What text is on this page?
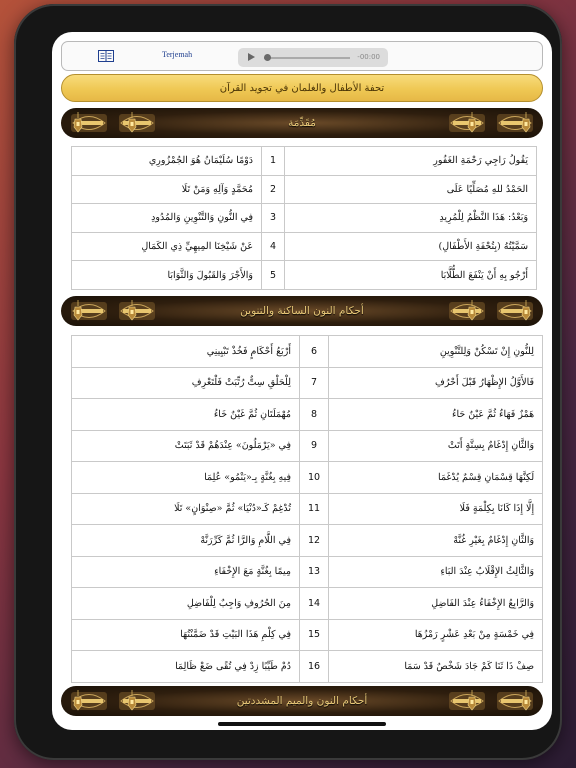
Terjemah	-00:00
تحفة الأطفال والغلمان في تجويد القرآن
مُقَدِّمَة
يَقُولُ رَاجِي رَحْمَةِ الغَفُورِ	1	دَوْمًا سُلَيْمَانُ هُوَ الجُمْزُورِي
الحَمْدُ للهِ مُصَلِّيًا عَلَى	2	مُحَمَّدٍ وَآلِهِ وَمَنْ تَلَا
وَبَعْدُ: هَذَا النَّظْمُ لِلْمُرِيدِ	3	فِي النُّونِ وَالتَّنْوِينِ وَالمُدُودِ
سَمَّيْتُهُ (بِتُحْفَةِ الأَطْفَالِ)	4	عَنْ شَيْخِنَا المِيهِيِّ ذِي الكَمَالِ
أَرْجُو بِهِ أَنْ يَنْفَعَ الطُّلَّابَا	5	وَالأَجْرَ وَالقَبُولَ وَالثَّوَابَا
أحكام النون الساكنة والتنوين
لِلنُّونِ إِنْ تَسْكُنْ وَلِلتَّنْوِينِ	6	أَرْبَعُ أَحْكَامٍ فَخُذْ تَبْيِينِي
فَالأَوَّلُ الإِظْهَارُ قَبْلَ أَحْرُفِ	7	لِلْحَلْقِ سِتٌّ رُتِّبَتْ فَلْتَعْرِفِ
هَمْزٌ فَهَاءٌ ثُمَّ عَيْنٌ حَاءُ	8	مُهْمَلَتَانِ ثُمَّ غَيْنٌ خَاءُ
وَالثَّانِ إِدْغَامٌ بِسِتَّةٍ أَتَتْ	9	فِي «يَرْمَلُونَ» عِنْدَهُمْ قَدْ ثَبَتَتْ
لَكِنَّهَا قِسْمَانِ قِسْمٌ يُدْغَمَا	10	فِيهِ بِغُنَّةٍ بِـ«يَنْمُو» عُلِمَا
إِلَّا إِذَا كَانَا بِكِلْمَةٍ فَلَا	11	تُدْغِمْ كَـ«دُنْيَا» ثُمَّ «صِنْوَانٍ» تَلَا
وَالثَّانِ إِدْغَامٌ بِغَيْرِ غُنَّهْ	12	فِي اللَّامِ وَالرَّا ثُمَّ كَرِّرَنَّهْ
وَالثَّالِثُ الإِقْلَابُ عِنْدَ البَاءِ	13	مِيمًا بِغُنَّةٍ مَعَ الإِخْفَاءِ
وَالرَّابِعُ الإِخْفَاءُ عِنْدَ الفَاضِلِ	14	مِنَ الحُرُوفِ وَاجِبٌ لِلْفَاضِلِ
فِي خَمْسَةٍ مِنْ بَعْدِ عَشْرٍ رَمْزُهَا	15	فِي كِلْمِ هَذَا البَيْتِ قَدْ ضَمَّنْتُهَا
صِفْ ذَا ثَنَا كَمْ جَادَ شَخْصٌ قَدْ سَمَا	16	دُمْ طَيِّبًا زِدْ فِي تُقًى ضَعْ ظَالِمَا
أحكام النون والميم المشددتين
